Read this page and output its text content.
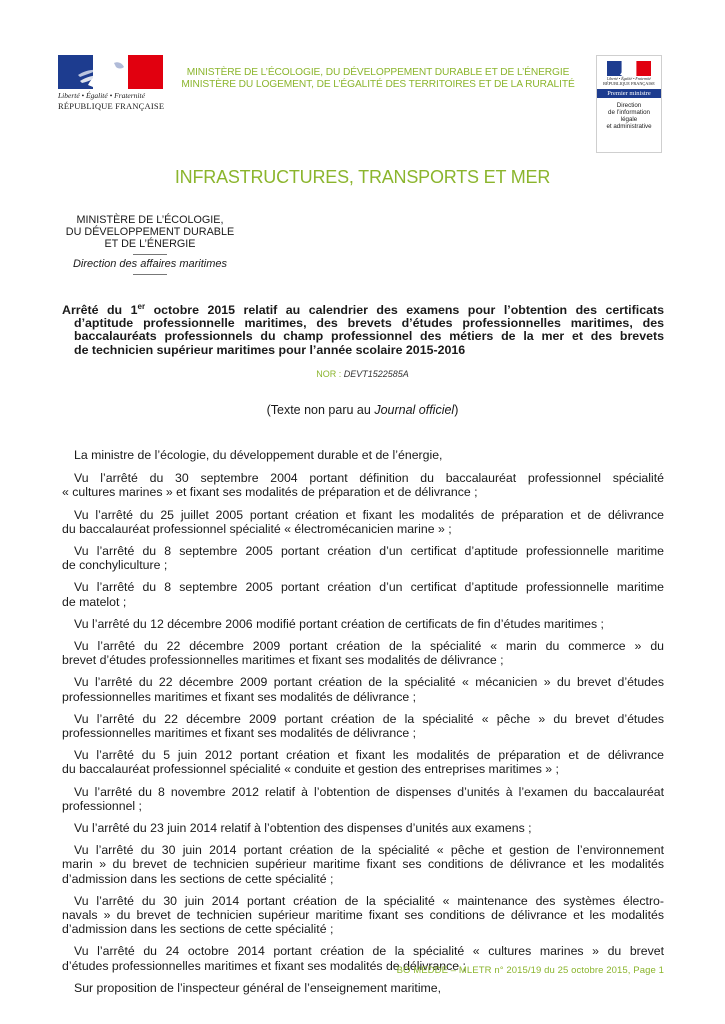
Liberté • Égalité • Fraternité
RÉPUBLIQUE FRANÇAISE
MINISTÈRE DE L’ÉCOLOGIE, DU DÉVELOPPEMENT DURABLE ET DE L’ÉNERGIE
MINISTÈRE DU LOGEMENT, DE L’ÉGALITÉ DES TERRITOIRES ET DE LA RURALITÉ	Liberté • Égalité • Fraternité
RÉPUBLIQUE FRANÇAISE
Premier ministre
Direction
de l’information
légale
et administrative
INFRASTRUCTURES, TRANSPORTS ET MER
MINISTÈRE DE L’ÉCOLOGIE,
DU DÉVELOPPEMENT DURABLE
ET DE L’ÉNERGIE
Direction des affaires maritimes
Arrêté du 1er octobre 2015 relatif au calendrier des examens pour l’obtention des certificats
d’aptitude professionnelle maritimes, des brevets d’études professionnelles maritimes, des
baccalauréats professionnels du champ professionnel des métiers de la mer et des brevets
de technicien supérieur maritimes pour l’année scolaire 2015-2016
NOR : DEVT1522585A
(Texte non paru au Journal officiel)
La ministre de l’écologie, du développement durable et de l’énergie,
Vu l’arrêté du 30 septembre 2004 portant définition du baccalauréat professionnel spécialité
« cultures marines » et fixant ses modalités de préparation et de délivrance ;
Vu l’arrêté du 25 juillet 2005 portant création et fixant les modalités de préparation et de délivrance
du baccalauréat professionnel spécialité « électromécanicien marine » ;
Vu l’arrêté du 8 septembre 2005 portant création d’un certificat d’aptitude professionnelle maritime
de conchyliculture ;
Vu l’arrêté du 8 septembre 2005 portant création d’un certificat d’aptitude professionnelle maritime
de matelot ;
Vu l’arrêté du 12 décembre 2006 modifié portant création de certificats de fin d’études maritimes ;
Vu l’arrêté du 22 décembre 2009 portant création de la spécialité « marin du commerce » du
brevet d’études professionnelles maritimes et fixant ses modalités de délivrance ;
Vu l’arrêté du 22 décembre 2009 portant création de la spécialité « mécanicien » du brevet d’études
professionnelles maritimes et fixant ses modalités de délivrance ;
Vu l’arrêté du 22 décembre 2009 portant création de la spécialité « pêche » du brevet d’études
professionnelles maritimes et fixant ses modalités de délivrance ;
Vu l’arrêté du 5 juin 2012 portant création et fixant les modalités de préparation et de délivrance
du baccalauréat professionnel spécialité « conduite et gestion des entreprises maritimes » ;
Vu l’arrêté du 8 novembre 2012 relatif à l’obtention de dispenses d’unités à l’examen du baccalauréat
professionnel ;
Vu l’arrêté du 23 juin 2014 relatif à l’obtention des dispenses d’unités aux examens ;
Vu l’arrêté du 30 juin 2014 portant création de la spécialité « pêche et gestion de l’environnement
marin » du brevet de technicien supérieur maritime fixant ses conditions de délivrance et les modalités
d’admission dans les sections de cette spécialité ;
Vu l’arrêté du 30 juin 2014 portant création de la spécialité « maintenance des systèmes électro-
navals » du brevet de technicien supérieur maritime fixant ses conditions de délivrance et les modalités
d’admission dans les sections de cette spécialité ;
Vu l’arrêté du 24 octobre 2014 portant création de la spécialité « cultures marines » du brevet
d’études professionnelles maritimes et fixant ses modalités de délivrance ;
Sur proposition de l’inspecteur général de l’enseignement maritime,
BO MEDDE – MLETR n° 2015/19 du 25 octobre 2015, Page 1
